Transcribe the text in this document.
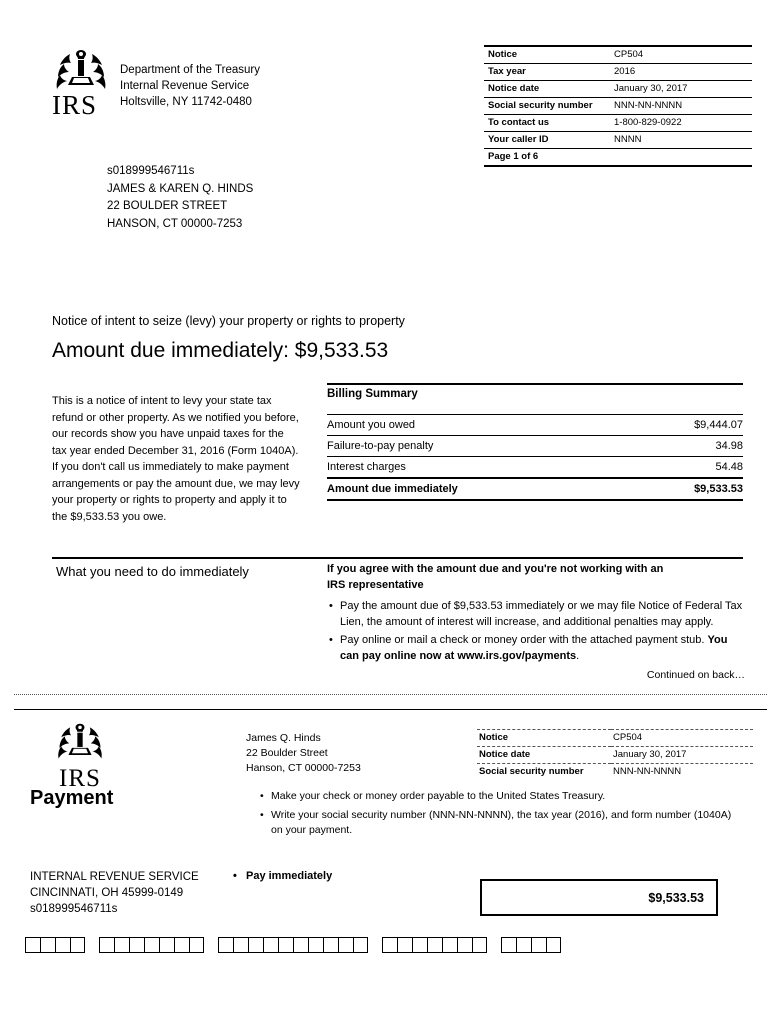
IRS
Department of the Treasury
Internal Revenue Service
Holtsville, NY 11742-0480
Notice	CP504
Tax year	2016
Notice date	January 30, 2017
Social security number	NNN-NN-NNNN
To contact us	1-800-829-0922
Your caller ID	NNNN
Page 1 of 6	
s018999546711s
JAMES & KAREN Q. HINDS
22 BOULDER STREET
HANSON, CT 00000-7253
Notice of intent to seize (levy) your property or rights to property
Amount due immediately: $9,533.53
This is a notice of intent to levy your state tax refund or other property. As we notified you before, our records show you have unpaid taxes for the tax year ended December 31, 2016 (Form 1040A). If you don't call us immediately to make payment arrangements or pay the amount due, we may levy your property or rights to property and apply it to the $9,533.53 you owe.
Billing Summary
Amount you owed	$9,444.07
Failure-to-pay penalty	34.98
Interest charges	54.48
Amount due immediately	$9,533.53
What you need to do immediately	If you agree with the amount due and you're not working with an
IRS representative
• Pay the amount due of $9,533.53 immediately or we may file Notice of Federal Tax Lien, the amount of interest will increase, and additional penalties may apply.
• Pay online or mail a check or money order with the attached payment stub. You can pay online now at www.irs.gov/payments.
Continued on back…
IRS
Payment
James Q. Hinds
22 Boulder Street
Hanson, CT 00000-7253
Notice	CP504
Notice date	January 30, 2017
Social security number	NNN-NN-NNNN
• Make your check or money order payable to the United States Treasury.
• Write your social security number (NNN-NN-NNNN), the tax year (2016), and form number (1040A) on your payment.
INTERNAL REVENUE SERVICE
CINCINNATI, OH 45999-0149
s018999546711s
• Pay immediately
$9,533.53
